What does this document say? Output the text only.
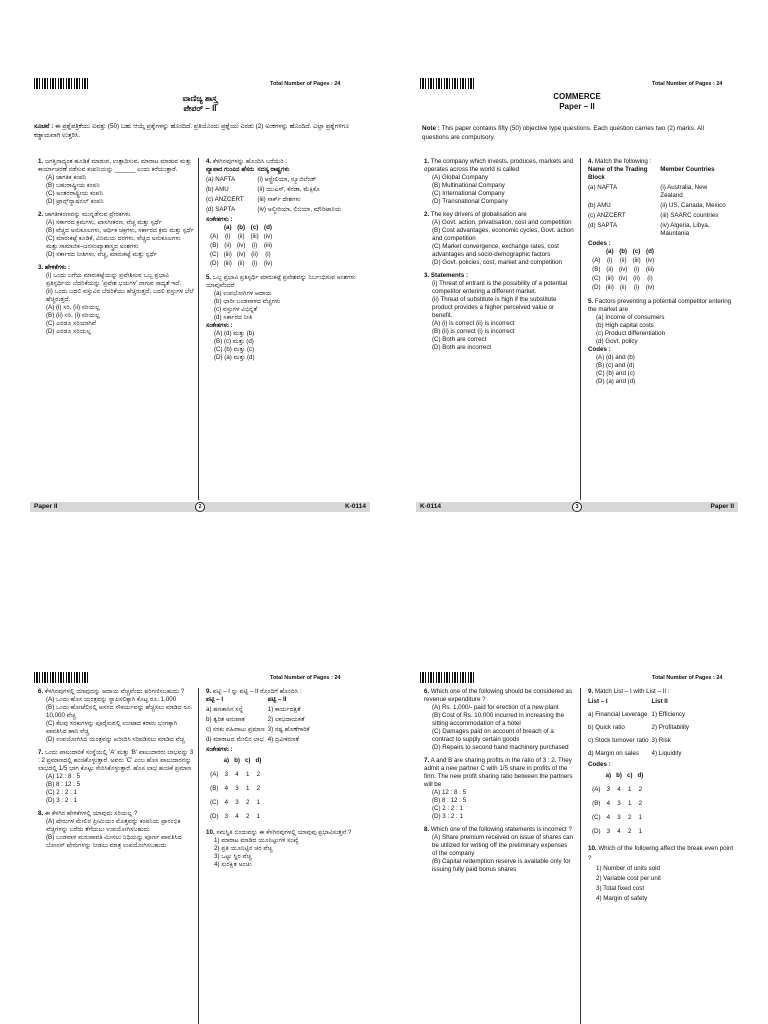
Total Number of Pages : 24
ವಾಣಿಜ್ಯ ಶಾಸ್ತ್ರ
ಪೇಪರ್ – II
ಸೂಚನೆ : ಈ ಪ್ರಶ್ನೆಪತ್ರಿಕೆಯು ಐವತ್ತು (50) ಬಹು ಆಯ್ಕೆ ಪ್ರಶ್ನೆಗಳನ್ನು ಹೊಂದಿದೆ. ಪ್ರತಿಯೊಂದು ಪ್ರಶ್ನೆಯು ಎರಡು (2) ಅಂಕಗಳನ್ನು ಹೊಂದಿದೆ. ಎಲ್ಲಾ ಪ್ರಶ್ನೆಗಳಿಗೂ ಕಡ್ಡಾಯವಾಗಿ ಉತ್ತರಿಸಿ.
1. ಜಗತ್ತಿನಾದ್ಯಂತ ಹೂಡಿಕೆ ಮಾಡುವ, ಉತ್ಪಾದಿಸುವ, ಮಾರಾಟ ಮಾಡುವ ಮತ್ತು ಕಾರ್ಯಾಚರಣೆ ನಡೆಸುವ ಕಂಪನಿಯನ್ನು ______ ಎಂದು ಕರೆಯುತ್ತಾರೆ.
(A) ಜಾಗತಿಕ ಕಂಪನಿ
(B) ಬಹುರಾಷ್ಟ್ರೀಯ ಕಂಪನಿ
(C) ಅಂತರರಾಷ್ಟ್ರೀಯ ಕಂಪನಿ
(D) ಟ್ರಾನ್ಸ್‌ನ್ಯಾಷನಲ್ ಕಂಪನಿ
2. ಜಾಗತೀಕರಣವನ್ನು ಮುನ್ನಡೆಸುವ ಪ್ರೇರಕಗಳು
(A) ಸರ್ಕಾರದ ಕ್ರಮಗಳು, ಖಾಸಗೀಕರಣ, ವೆಚ್ಚ ಮತ್ತು ಸ್ಪರ್ಧೆ
(B) ವೆಚ್ಚದ ಅನುಕೂಲಗಳು, ಆರ್ಥಿಕ ಚಕ್ರಗಳು, ಸರ್ಕಾರದ ಕ್ರಮ ಮತ್ತು ಸ್ಪರ್ಧೆ
(C) ಮಾರುಕಟ್ಟೆ ಕೂಡಿಕೆ, ವಿನಿಮಯ ದರಗಳು, ವೆಚ್ಚದ ಅನುಕೂಲಗಳು ಮತ್ತು ಸಾಮಾಜಿಕ–ಜನಸಂಖ್ಯಾಶಾಸ್ತ್ರದ ಅಂಶಗಳು
(D) ಸರ್ಕಾರದ ನೀತಿಗಳು, ವೆಚ್ಚ, ಮಾರುಕಟ್ಟೆ ಮತ್ತು ಸ್ಪರ್ಧೆ
3. ಹೇಳಿಕೆಗಳು :
(i) ಒಂದು ಬಗೆಯ ಮಾರುಕಟ್ಟೆಯನ್ನು ಪ್ರವೇಶಿಸುವ ಒಬ್ಬ ಪ್ರಭಾವಿ ಪ್ರತಿಸ್ಪರ್ಧಿಯ ಬೆದರಿಕೆಯನ್ನು 'ಪ್ರವೇಶ ಭಯಗಳ' ನಾಗುವ ಸಾಧ್ಯತೆ ಇದೆ.
(ii) ಒಂದು ಬದಲಿ ವಸ್ತುವಿನ ಬೆದರಿಕೆಯು ಹೆಚ್ಚಿರುತ್ತದೆ, ಬದಲಿ ವಸ್ತುಗಳ ಬೆಲೆ ಹೆಚ್ಚಿರುತ್ತದೆ.
(A) (i) ಸರಿ, (ii) ಸರಿಯಲ್ಲ
(B) (ii) ಸರಿ, (i) ಸರಿಯಲ್ಲ
(C) ಎರಡೂ ಸರಿಯಾಗಿವೆ
(D) ಎರಡೂ ಸರಿಯಲ್ಲ
4. ಕೆಳಗಿನವುಗಳನ್ನು ಹೊಂದಿಸಿ ಬರೆಯಿರಿ :
ವ್ಯಾಪಾರ ಗುಂಪಿನ ಹೆಸರು	ಸದಸ್ಯ ರಾಷ್ಟ್ರಗಳು
(a) NAFTA	(i) ಆಸ್ಟ್ರೇಲಿಯಾ, ನ್ಯೂಜಿಲೆಂಡ್
(b) AMU	(ii) ಯುಎಸ್, ಕೆನಡಾ, ಮೆಕ್ಸಿಕೊ
(c) ANZCERT	(iii) ಸಾರ್ಕ್ ದೇಶಗಳು
(d) SAPTA	(iv) ಅಲ್ಜೀರಿಯಾ, ಲಿಬಿಯಾ, ಮೌರಿಟಾನಿಯ
ಸಂಕೇತಗಳು :
	(a)	(b)	(c)	(d)
(A)	(i)	(ii)	(iii)	(iv)
(B)	(ii)	(iv)	(i)	(iii)
(C)	(iii)	(iv)	(ii)	(i)
(D)	(iii)	(ii)	(i)	(iv)
5. ಒಬ್ಬ ಪ್ರಭಾವಿ ಪ್ರತಿಸ್ಪರ್ಧಿ ಮಾರುಕಟ್ಟೆ ಪ್ರವೇಶವನ್ನು ನಿರ್ಬಂಧಿಸುವ ಅಂಶಗಳು ಯಾವುವೆಂದರೆ
(a) ಉಪಭೋಗಿಗಳ ಆದಾಯ
(b) ಭಾರೀ ಬಂಡವಾಳದ ವೆಚ್ಚಗಳು
(c) ವಸ್ತುಗಳ ವಿಭಿನ್ನತೆ
(d) ಸರ್ಕಾರದ ನೀತಿ
ಸಂಕೇತಗಳು :
(A) (d) ಮತ್ತು (b)
(B) (c) ಮತ್ತು (d)
(C) (b) ಮತ್ತು (c)
(D) (a) ಮತ್ತು (d)
Paper II	2	K-0114
Total Number of Pages : 24
COMMERCE
Paper – II
Note : This paper contains fifty (50) objective type questions. Each question carries two (2) marks. All questions are compulsory.
1. The company which invests, produces, markets and operates across the world is called
(A) Global Company
(B) Multinational Company
(C) International Company
(D) Transnational Company
2. The key drivers of globalisation are
(A) Govt. action, privatisation, cost and competition
(B) Cost advantages, economic cycles, Govt. action and competition
(C) Market convergence, exchange rates, cost advantages and socio-demographic factors
(D) Govt. policies, cost, market and competition
3. Statements :
(i) Threat of entrant is the possibility of a potential competitor entering a different market.
(ii) Threat of substitute is high if the substitute product provides a higher perceived value or benefit.
(A) (i) is correct (ii) is incorrect
(B) (ii) is correct (i) is incorrect
(C) Both are correct
(D) Both are incorrect
4. Match the following :
Name of the Trading Block	Member Countries
(a) NAFTA	(i) Australia, New Zealand
(b) AMU	(ii) US, Canada, Mexico
(c) ANZCERT	(iii) SAARC countries
(d) SAPTA	(iv) Algeria, Libya, Mauritania
Codes :
	(a)	(b)	(c)	(d)
(A)	(i)	(ii)	(iii)	(iv)
(B)	(ii)	(iv)	(i)	(iii)
(C)	(iii)	(iv)	(ii)	(i)
(D)	(iii)	(ii)	(i)	(iv)
5. Factors preventing a potential competitor entering the market are
(a) Income of consumers
(b) High capital costs
(c) Product differentiation
(d) Govt. policy
Codes :
(A) (d) and (b)
(B) (c) and (d)
(C) (b) and (c)
(D) (a) and (d)
K-0114	3	Paper II
Total Number of Pages : 24
6. ಕೆಳಗಿನವುಗಳಲ್ಲಿ ಯಾವುದನ್ನು ಆದಾಯ ವೆಚ್ಚವೆಂದು ಪರಿಗಣಿಸಬಹುದು ?
(A) ಒಂದು ಹೊಸ ಯಂತ್ರವನ್ನು ಸ್ಥಾಪಿಸಲಿಕ್ಕಾಗಿ ಕೊಟ್ಟ ರೂ. 1,000
(B) ಒಂದು ಹೋಟೆಲಿನಲ್ಲಿ ಆಸನದ ಸೌಕರ್ಯವನ್ನು ಹೆಚ್ಚಿಸಲು ಮಾಡಿದ ರೂ. 10,000 ವೆಚ್ಚ
(C) ಕೆಲವು ಸರಕುಗಳನ್ನು ಪೂರೈಸುವಲ್ಲಿ ಉಂಟಾದ ಕರಾರು ಭಂಗಕ್ಕಾಗಿ ಪಾವತಿಸಿದ ಹಾನಿ ವೆಚ್ಚ
(D) ಉಪಯೋಗಿಸಿದ ಯಂತ್ರವನ್ನು ಖರೀದಿಸಿ ಸರಿಪಡಿಸಲು ಮಾಡಿದ ವೆಚ್ಚ
7. ಒಂದು ಪಾಲುದಾರಿಕೆ ಸಂಸ್ಥೆಯಲ್ಲಿ 'A' ಮತ್ತು 'B' ಪಾಲುದಾರರು ಲಾಭವನ್ನು 3 : 2 ಪ್ರಮಾಣದಲ್ಲಿ ಹಂಚಿಕೊಳ್ಳುತ್ತಾರೆ. ಅವರು 'C' ಎಂಬ ಹೊಸ ಪಾಲುದಾರನನ್ನು ಲಾಭದಲ್ಲಿ 1/5 ಭಾಗ ಕೊಟ್ಟು ಸೇರಿಸಿಕೊಳ್ಳುತ್ತಾರೆ. ಹೊಸ ಲಾಭ ಹಂಚಿಕೆ ಪ್ರಮಾಣ
(A) 12 : 8 : 5
(B) 8 : 12 : 5
(C) 2 : 2 : 1
(D) 3 : 2 : 1
8. ಈ ಕೆಳಗಿನ ಹೇಳಿಕೆಗಳಲ್ಲಿ ಯಾವುದು ಸರಿಯಲ್ಲ ?
(A) ಷೇರುಗಳ ಮೇಲಿನ ಪ್ರೀಮಿಯಂ ಮೊತ್ತವನ್ನು ಕಂಪನಿಯ ಪ್ರಾರಂಭಿಕ ವೆಚ್ಚಗಳನ್ನು ಬರೆದು ತೆಗೆಯಲು ಉಪಯೋಗಿಸಬಹುದು
(B) ಬಂಡವಾಳ ಮರುಪಾವತಿ ಮೀಸಲು ನಿಧಿಯನ್ನು ಪೂರ್ಣ ಪಾವತಿಸಿದ ಬೋನಸ್ ಷೇರುಗಳನ್ನು ನೀಡಲು ಮಾತ್ರ ಉಪಯೋಗಿಸಬಹುದು
9. ಪಟ್ಟಿ – I ನ್ನು ಪಟ್ಟಿ – II ರೊಂದಿಗೆ ಹೊಂದಿಸಿ :
ಪಟ್ಟಿ – I	ಪಟ್ಟಿ – II
a) ಹಣಕಾಸಿನ ಸನ್ನೆ	1) ಕಾರ್ಯದಕ್ಷತೆ
b) ತ್ವರಿತ ಅನುಪಾತ	2) ಲಾಭದಾಯಕತೆ
c) ಸರಕು ವಹಿವಾಟು ಪ್ರಮಾಣ	3) ನಷ್ಟ ಹೊಣೆಗಾರಿಕೆ
d) ಮಾರಾಟದ ಮೇಲಿನ ಲಾಭ	4) ದ್ರವೀಕರಣತೆ
ಸಂಕೇತಗಳು :
	a)	b)	c)	d)
(A)	3	4	1	2
(B)	4	3	1	2
(C)	4	3	2	1
(D)	3	4	2	1
10. ಸಮಸ್ಥಿತಿ ಬಿಂದುವನ್ನು ಈ ಕೆಳಗಿನವುಗಳಲ್ಲಿ ಯಾವುವು ಪ್ರಭಾವಿಸುತ್ತವೆ ?
1) ಮಾರಾಟ ಮಾಡಿದ ಯೂನಿಟ್ಟುಗಳ ಸಂಖ್ಯೆ
2) ಪ್ರತಿ ಯೂನಿಟ್ಟಿನ ಚರ ವೆಚ್ಚ
3) ಒಟ್ಟು ಸ್ಥಿರ ವೆಚ್ಚ
4) ಸುರಕ್ಷಿತ ಅಂಚು
Total Number of Pages : 24
6. Which one of the following should be considered as revenue expenditure ?
(A) Rs. 1,000/- paid for erection of a new plant
(B) Cost of Rs. 10,000 incurred in increasing the sitting accommodation of a hotel
(C) Damages paid on account of breach of a contract to supply certain goods
(D) Repairs to second hand machinery purchased
7. A and B are sharing profits in the ratio of 3 : 2. They admit a new partner C with 1/5 share in profits of the firm. The new profit sharing ratio between the partners will be
(A) 12 : 8 : 5
(B) 8 : 12 : 5
(C) 2 : 2 : 1
(D) 3 : 2 : 1
8. Which one of the following statements is incorrect ?
(A) Share premium received on issue of shares can be utilized for writing off the preliminary expenses of the company
(B) Capital redemption reserve is available only for issuing fully paid bonus shares
9. Match List – I with List – II :
List – I	List II
a) Financial Leverage	1) Efficiency
b) Quick ratio	2) Profitability
c) Stock turnover ratio	3) Risk
d) Margin on sales	4) Liquidity
Codes :
	a)	b)	c)	d)
(A)	3	4	1	2
(B)	4	3	1	2
(C)	4	3	2	1
(D)	3	4	2	1
10. Which of the following affect the break even point ?
1) Number of units sold
2) Variable cost per unit
3) Total fixed cost
4) Margin of safety
